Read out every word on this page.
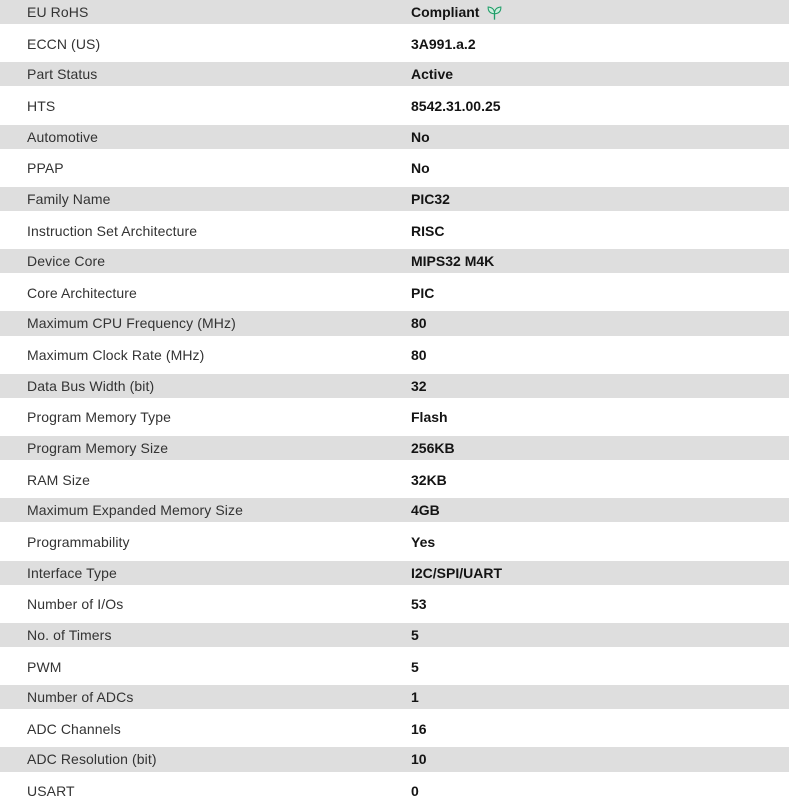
EU RoHS	Compliant
ECCN (US)	3A991.a.2
Part Status	Active
HTS	8542.31.00.25
Automotive	No
PPAP	No
Family Name	PIC32
Instruction Set Architecture	RISC
Device Core	MIPS32 M4K
Core Architecture	PIC
Maximum CPU Frequency (MHz)	80
Maximum Clock Rate (MHz)	80
Data Bus Width (bit)	32
Program Memory Type	Flash
Program Memory Size	256KB
RAM Size	32KB
Maximum Expanded Memory Size	4GB
Programmability	Yes
Interface Type	I2C/SPI/UART
Number of I/Os	53
No. of Timers	5
PWM	5
Number of ADCs	1
ADC Channels	16
ADC Resolution (bit)	10
USART	0
